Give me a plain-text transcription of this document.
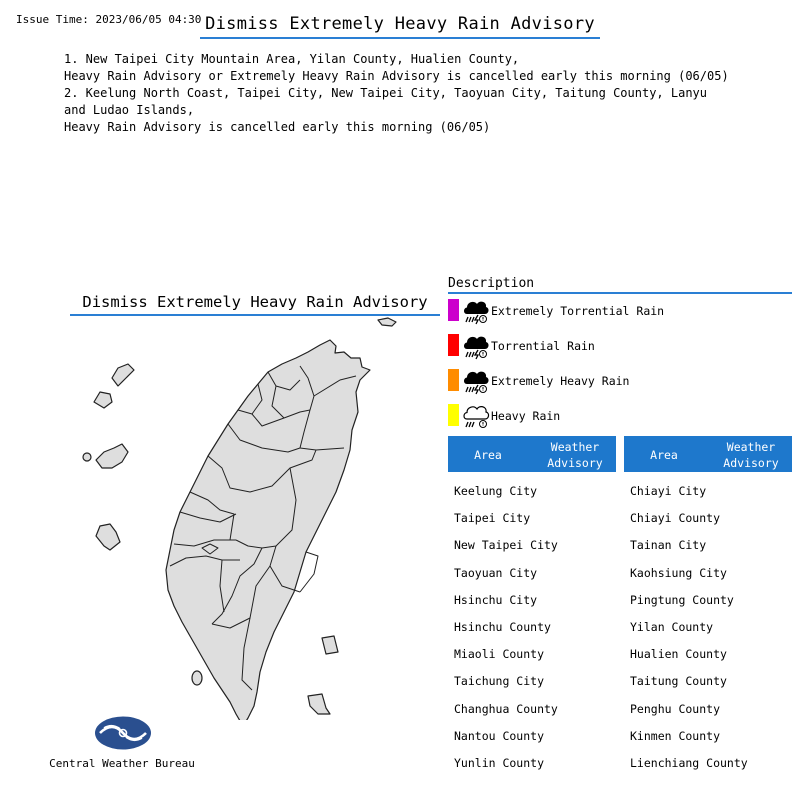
Issue Time: 2023/06/05 04:30 Dismiss Extremely Heavy Rain Advisory
1. New Taipei City Mountain Area, Yilan County, Hualien County,
Heavy Rain Advisory or Extremely Heavy Rain Advisory is cancelled early this morning (06/05)
2. Keelung North Coast, Taipei City, New Taipei City, Taoyuan City, Taitung County, Lanyu
and Ludao Islands,
Heavy Rain Advisory is cancelled early this morning (06/05)
Dismiss Extremely Heavy Rain Advisory
Central Weather Bureau
Description
Extremely Torrential Rain
Torrential Rain
Extremely Heavy Rain
Heavy Rain
Area
Weather Advisory
Keelung City
Taipei City
New Taipei City
Taoyuan City
Hsinchu City
Hsinchu County
Miaoli County
Taichung City
Changhua County
Nantou County
Yunlin County
Area
Weather Advisory
Chiayi City
Chiayi County
Tainan City
Kaohsiung City
Pingtung County
Yilan County
Hualien County
Taitung County
Penghu County
Kinmen County
Lienchiang County
